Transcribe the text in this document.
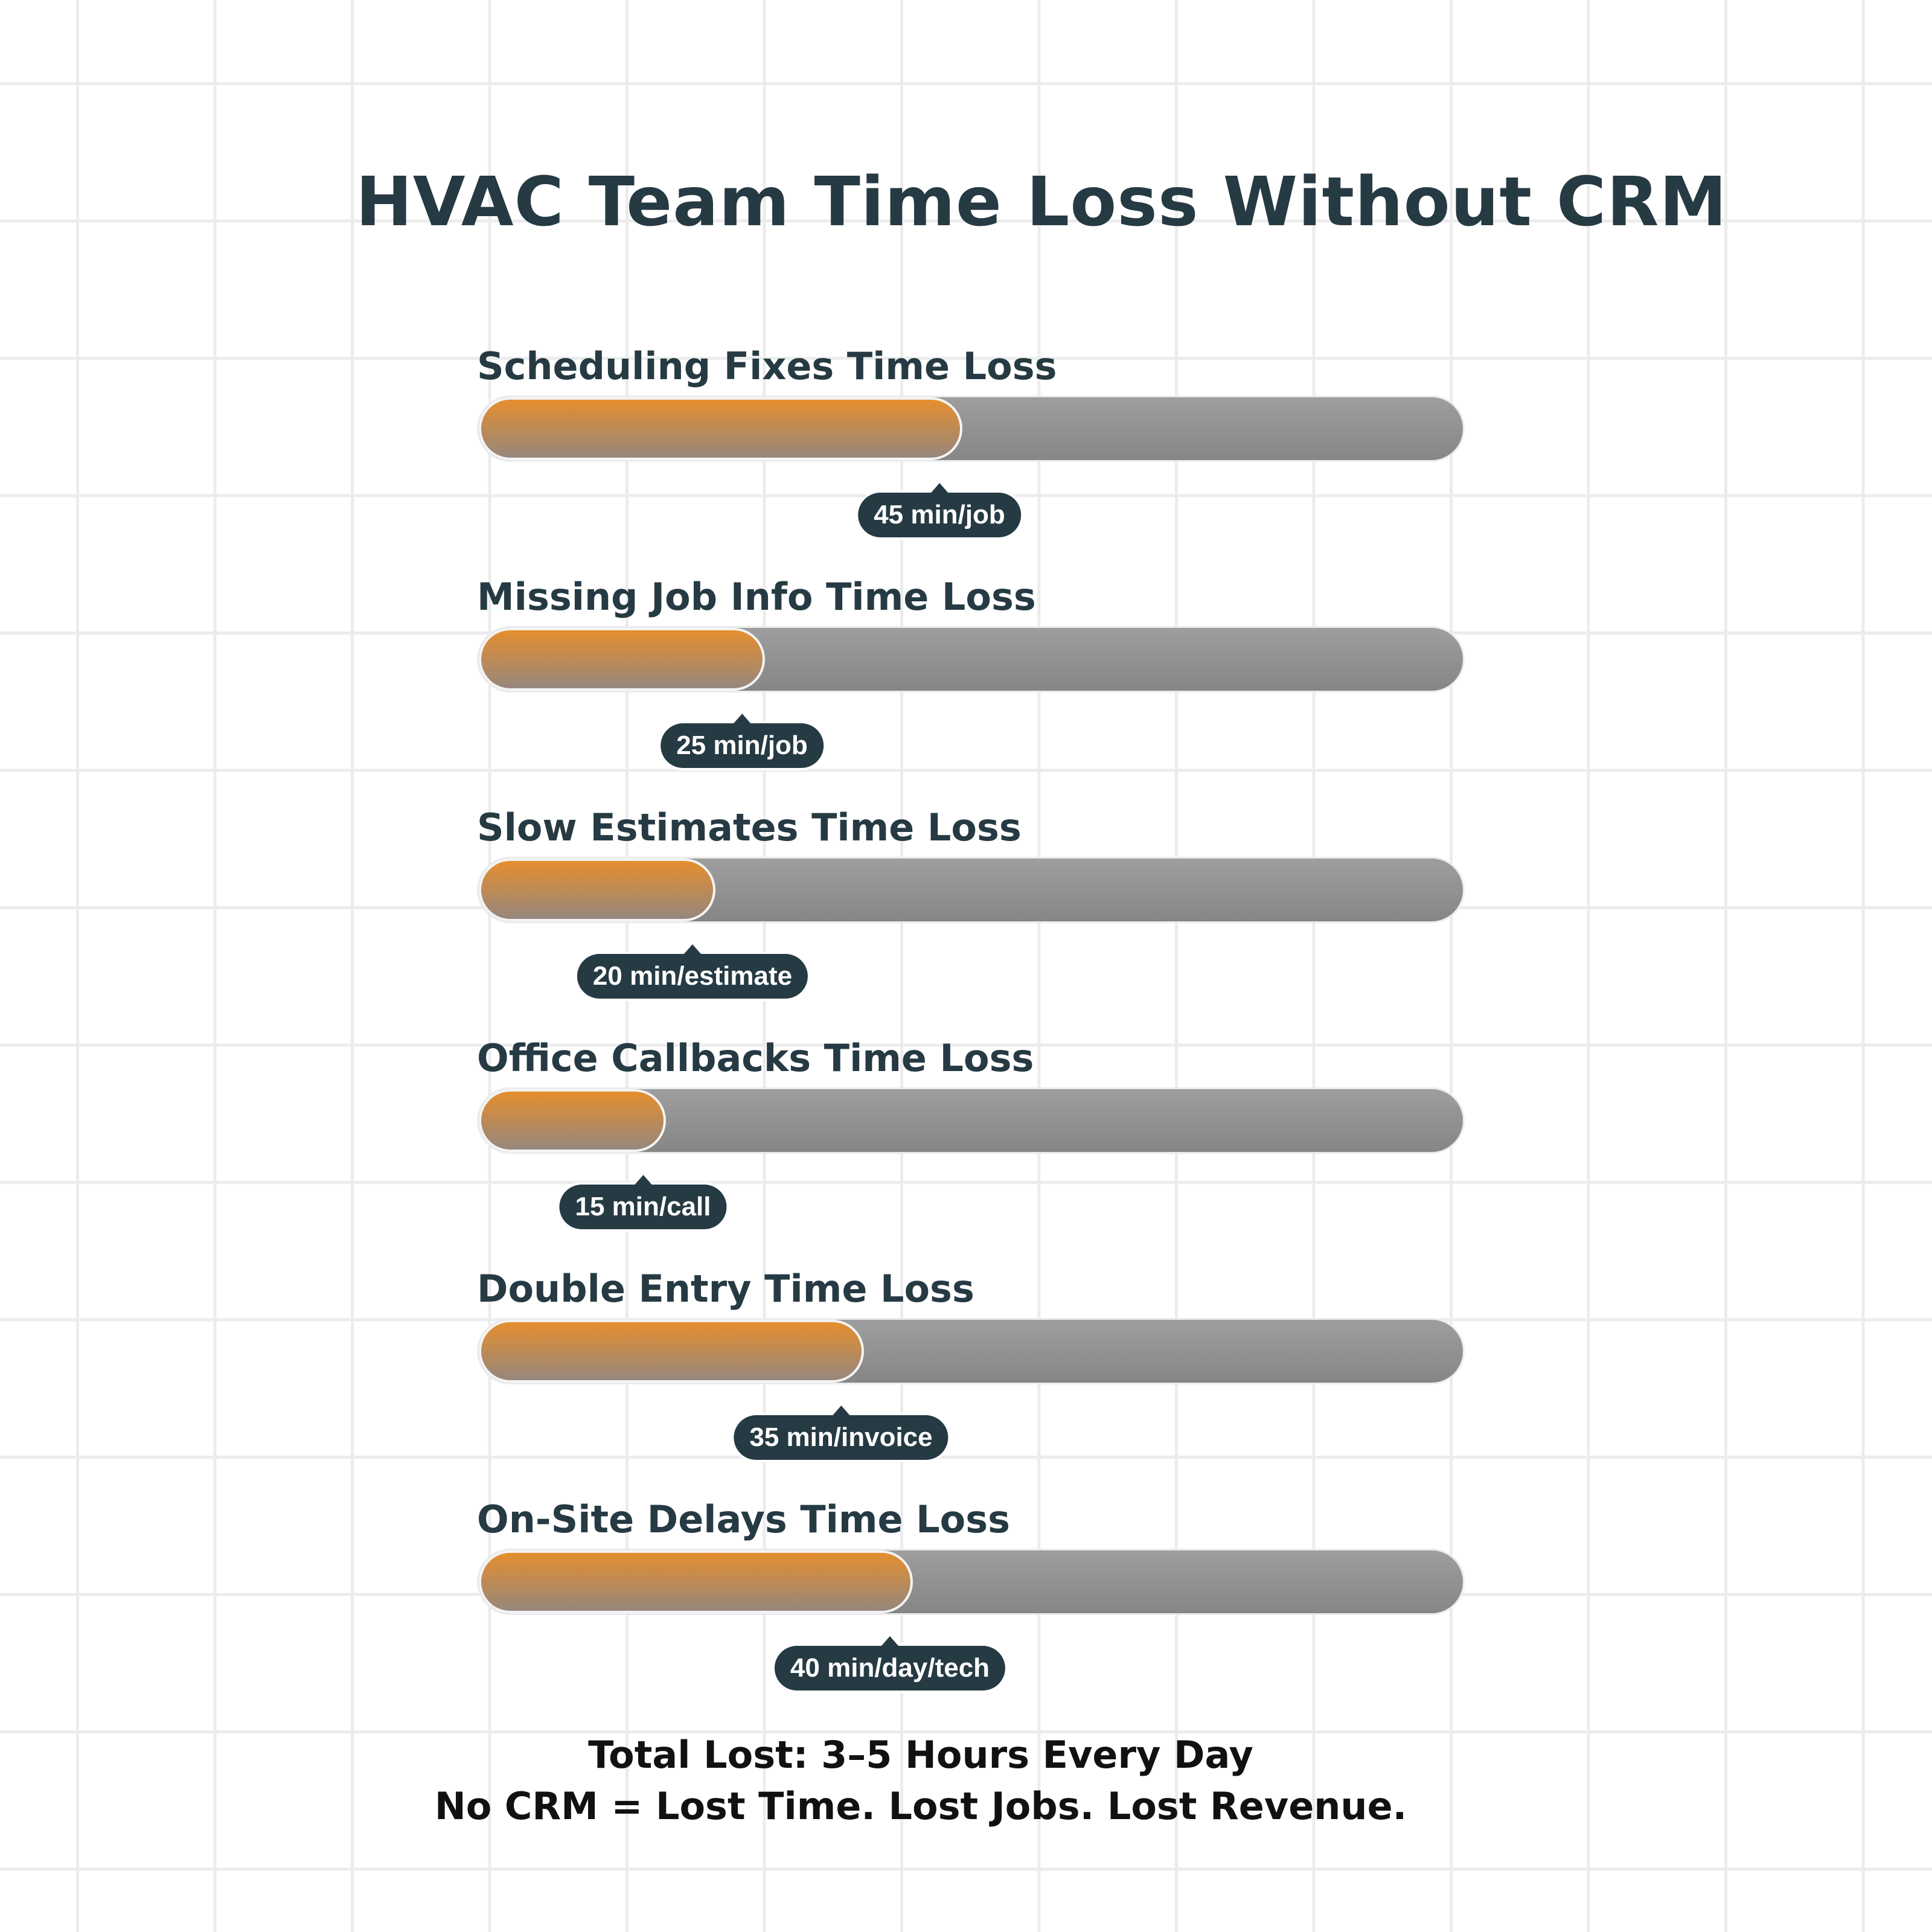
HVAC Team Time Loss Without CRM
Scheduling Fixes Time Loss
45 min/job
Missing Job Info Time Loss
25 min/job
Slow Estimates Time Loss
20 min/estimate
Office Callbacks Time Loss
15 min/call
Double Entry Time Loss
35 min/invoice
On-Site Delays Time Loss
40 min/day/tech
Total Lost: 3–5 Hours Every Day
No CRM = Lost Time. Lost Jobs. Lost Revenue.
